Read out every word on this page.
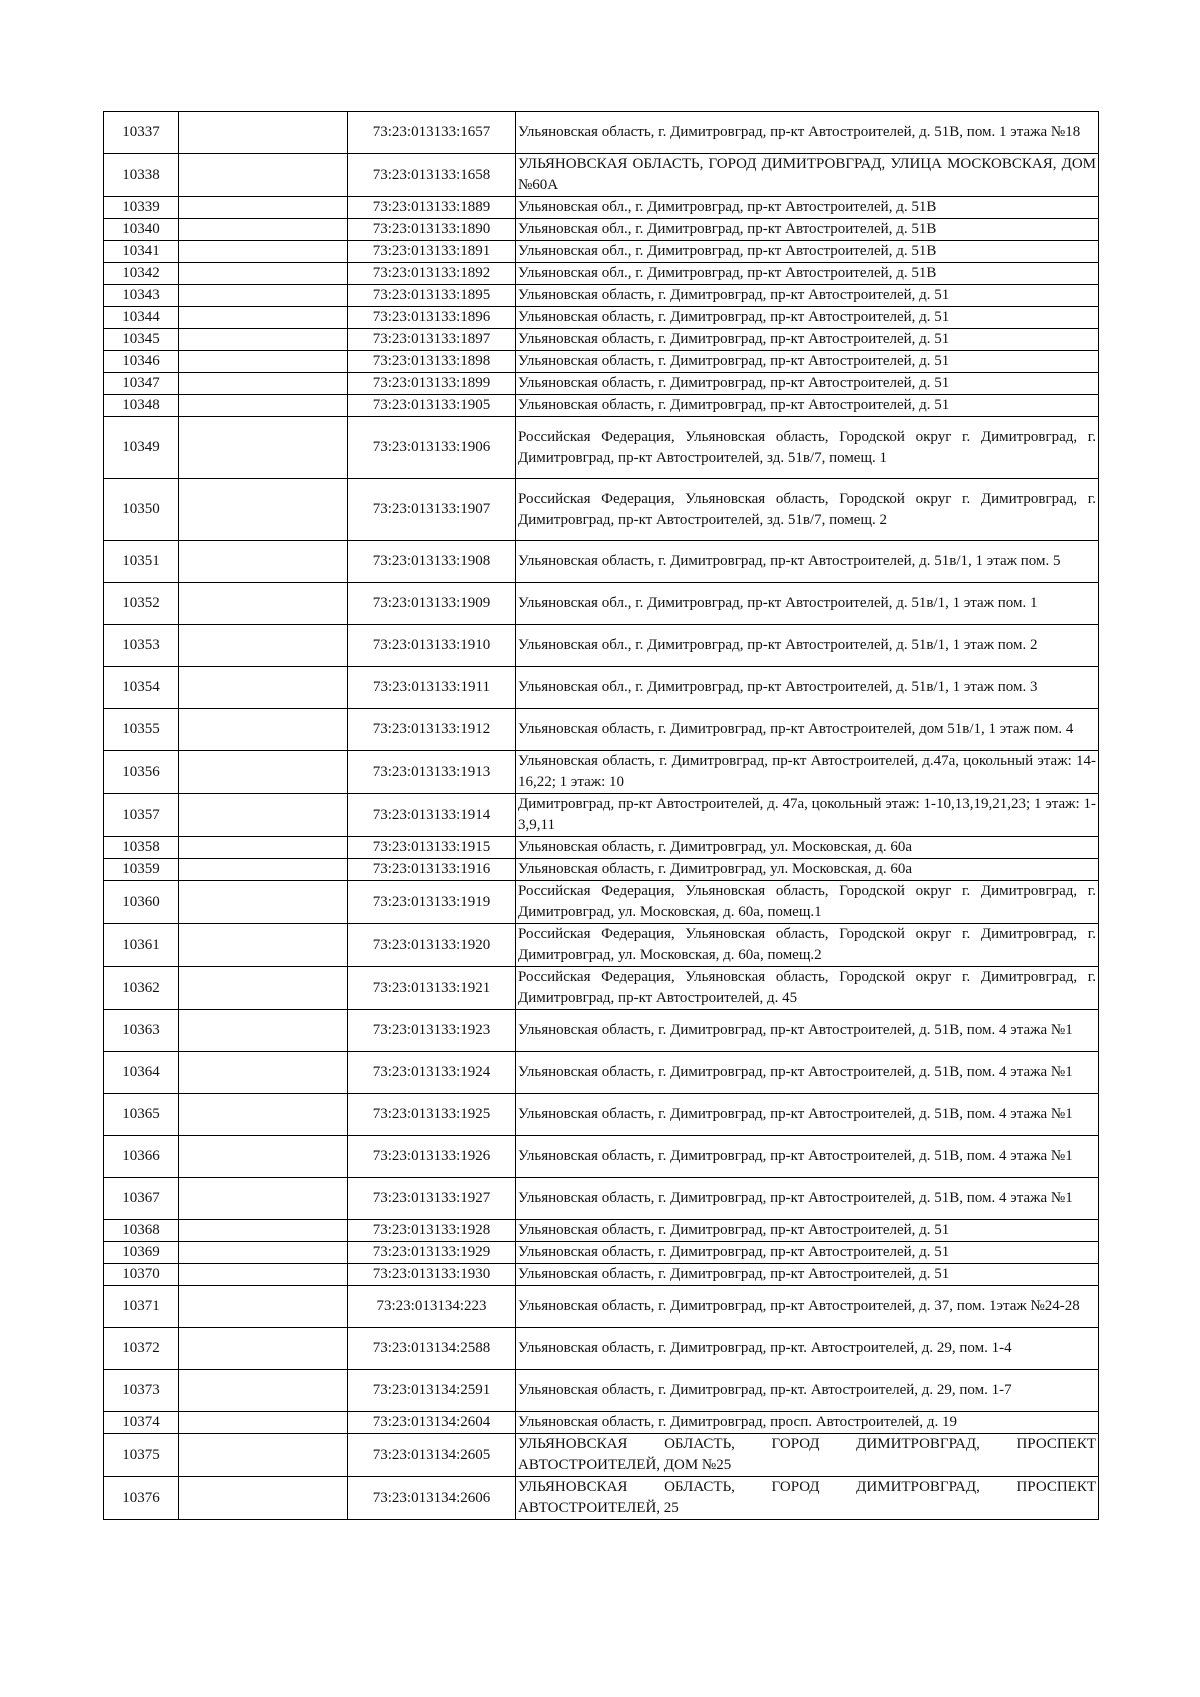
10337		73:23:013133:1657	Ульяновская область, г. Димитровград, пр-кт Автостроителей, д. 51В, пом. 1 этажа №18
10338		73:23:013133:1658	УЛЬЯНОВСКАЯ ОБЛАСТЬ, ГОРОД ДИМИТРОВГРАД, УЛИЦА МОСКОВСКАЯ, ДОМ №60А
10339		73:23:013133:1889	Ульяновская обл., г. Димитровград, пр-кт Автостроителей, д. 51В
10340		73:23:013133:1890	Ульяновская обл., г. Димитровград, пр-кт Автостроителей, д. 51В
10341		73:23:013133:1891	Ульяновская обл., г. Димитровград, пр-кт Автостроителей, д. 51В
10342		73:23:013133:1892	Ульяновская обл., г. Димитровград, пр-кт Автостроителей, д. 51В
10343		73:23:013133:1895	Ульяновская область, г. Димитровград, пр-кт Автостроителей, д. 51
10344		73:23:013133:1896	Ульяновская область, г. Димитровград, пр-кт Автостроителей, д. 51
10345		73:23:013133:1897	Ульяновская область, г. Димитровград, пр-кт Автостроителей, д. 51
10346		73:23:013133:1898	Ульяновская область, г. Димитровград, пр-кт Автостроителей, д. 51
10347		73:23:013133:1899	Ульяновская область, г. Димитровград, пр-кт Автостроителей, д. 51
10348		73:23:013133:1905	Ульяновская область, г. Димитровград, пр-кт Автостроителей, д. 51
10349		73:23:013133:1906	Российская Федерация, Ульяновская область, Городской округ г. Димитровград, г. Димитровград, пр-кт Автостроителей, зд. 51в/7, помещ. 1
10350		73:23:013133:1907	Российская Федерация, Ульяновская область, Городской округ г. Димитровград, г. Димитровград, пр-кт Автостроителей, зд. 51в/7, помещ. 2
10351		73:23:013133:1908	Ульяновская область, г. Димитровград, пр-кт Автостроителей, д. 51в/1, 1 этаж пом. 5
10352		73:23:013133:1909	Ульяновская обл., г. Димитровград, пр-кт Автостроителей, д. 51в/1, 1 этаж пом. 1
10353		73:23:013133:1910	Ульяновская обл., г. Димитровград, пр-кт Автостроителей, д. 51в/1, 1 этаж пом. 2
10354		73:23:013133:1911	Ульяновская обл., г. Димитровград, пр-кт Автостроителей, д. 51в/1, 1 этаж пом. 3
10355		73:23:013133:1912	Ульяновская область, г. Димитровград, пр-кт Автостроителей, дом 51в/1, 1 этаж пом. 4
10356		73:23:013133:1913	Ульяновская область, г. Димитровград, пр-кт Автостроителей, д.47а, цокольный этаж: 14-16,22; 1 этаж: 10
10357		73:23:013133:1914	Димитровград, пр-кт Автостроителей, д. 47а, цокольный этаж: 1-10,13,19,21,23; 1 этаж: 1-3,9,11
10358		73:23:013133:1915	Ульяновская область, г. Димитровград, ул. Московская, д. 60а
10359		73:23:013133:1916	Ульяновская область, г. Димитровград, ул. Московская, д. 60а
10360		73:23:013133:1919	Российская Федерация, Ульяновская область, Городской округ г. Димитровград, г. Димитровград, ул. Московская, д. 60а, помещ.1
10361		73:23:013133:1920	Российская Федерация, Ульяновская область, Городской округ г. Димитровград, г. Димитровград, ул. Московская, д. 60а, помещ.2
10362		73:23:013133:1921	Российская Федерация, Ульяновская область, Городской округ г. Димитровград, г. Димитровград, пр-кт Автостроителей, д. 45
10363		73:23:013133:1923	Ульяновская область, г. Димитровград, пр-кт Автостроителей, д. 51В, пом. 4 этажа №1
10364		73:23:013133:1924	Ульяновская область, г. Димитровград, пр-кт Автостроителей, д. 51В, пом. 4 этажа №1
10365		73:23:013133:1925	Ульяновская область, г. Димитровград, пр-кт Автостроителей, д. 51В, пом. 4 этажа №1
10366		73:23:013133:1926	Ульяновская область, г. Димитровград, пр-кт Автостроителей, д. 51В, пом. 4 этажа №1
10367		73:23:013133:1927	Ульяновская область, г. Димитровград, пр-кт Автостроителей, д. 51В, пом. 4 этажа №1
10368		73:23:013133:1928	Ульяновская область, г. Димитровград, пр-кт Автостроителей, д. 51
10369		73:23:013133:1929	Ульяновская область, г. Димитровград, пр-кт Автостроителей, д. 51
10370		73:23:013133:1930	Ульяновская область, г. Димитровград, пр-кт Автостроителей, д. 51
10371		73:23:013134:223	Ульяновская область, г. Димитровград, пр-кт Автостроителей, д. 37, пом. 1этаж №24-28
10372		73:23:013134:2588	Ульяновская область, г. Димитровград, пр-кт. Автостроителей, д. 29, пом. 1-4
10373		73:23:013134:2591	Ульяновская область, г. Димитровград, пр-кт. Автостроителей, д. 29, пом. 1-7
10374		73:23:013134:2604	Ульяновская область, г. Димитровград, просп. Автостроителей, д. 19
10375		73:23:013134:2605	УЛЬЯНОВСКАЯ ОБЛАСТЬ, ГОРОД ДИМИТРОВГРАД, ПРОСПЕКТ АВТОСТРОИТЕЛЕЙ, ДОМ №25
10376		73:23:013134:2606	УЛЬЯНОВСКАЯ ОБЛАСТЬ, ГОРОД ДИМИТРОВГРАД, ПРОСПЕКТ АВТОСТРОИТЕЛЕЙ, 25
